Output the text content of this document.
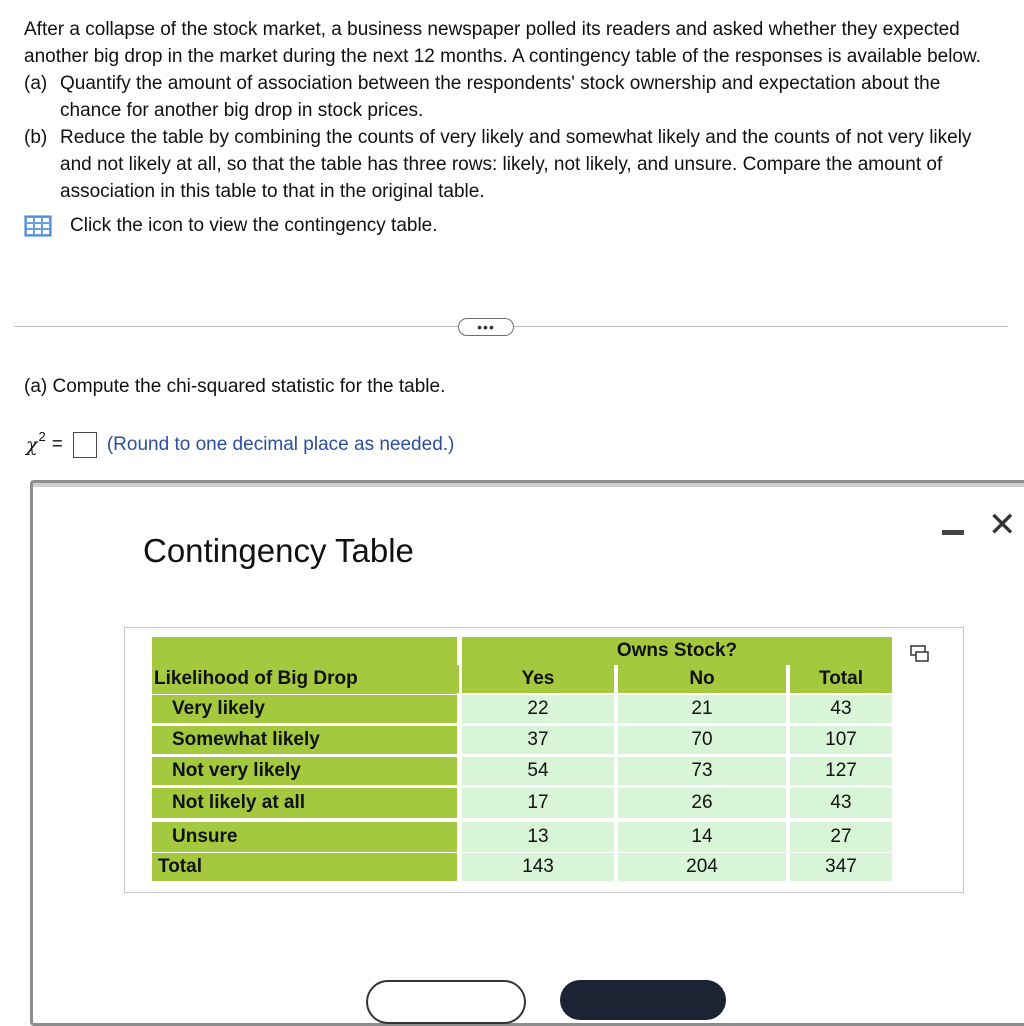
After a collapse of the stock market, a business newspaper polled its readers and asked whether they expected another big drop in the market during the next 12 months. A contingency table of the responses is available below.

(a) Quantify the amount of association between the respondents' stock ownership and expectation about the chance for another big drop in stock prices.
(b) Reduce the table by combining the counts of very likely and somewhat likely and the counts of not very likely and not likely at all, so that the table has three rows: likely, not likely, and unsure. Compare the amount of association in this table to that in the original table.
Click the icon to view the contingency table.
•••
(a) Compute the chi-squared statistic for the table.
χ 2 = (Round to one decimal place as needed.)
✕
Contingency Table
Owns Stock?
Likelihood of Big Drop	Yes	No	Total
Very likely	22	21	43
Somewhat likely	37	70	107
Not very likely	54	73	127
Not likely at all	17	26	43
Unsure	13	14	27
Total	143	204	347
